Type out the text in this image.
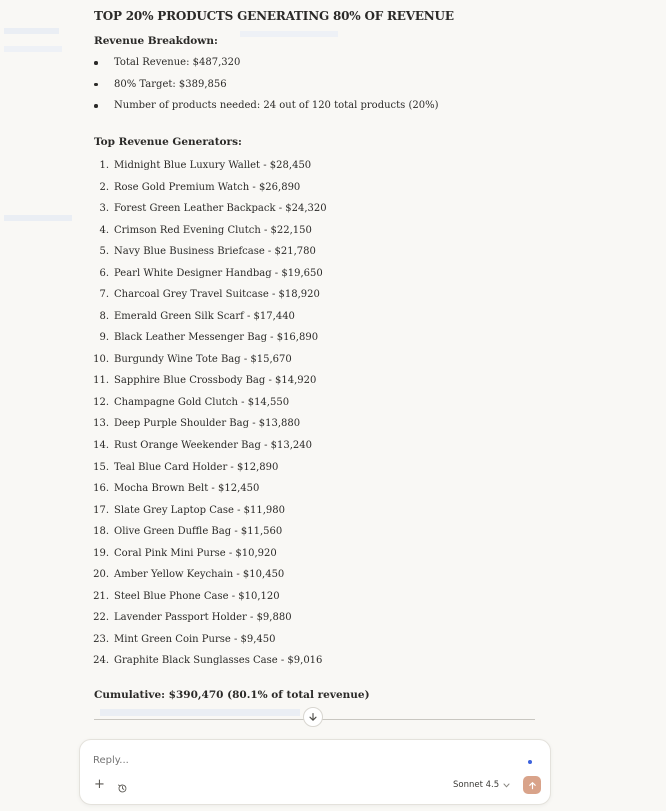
TOP 20% PRODUCTS GENERATING 80% OF REVENUE
Revenue Breakdown:
Total Revenue: $487,320
80% Target: $389,856
Number of products needed: 24 out of 120 total products (20%)
Top Revenue Generators:
1. Midnight Blue Luxury Wallet - $28,450
2. Rose Gold Premium Watch - $26,890
3. Forest Green Leather Backpack - $24,320
4. Crimson Red Evening Clutch - $22,150
5. Navy Blue Business Briefcase - $21,780
6. Pearl White Designer Handbag - $19,650
7. Charcoal Grey Travel Suitcase - $18,920
8. Emerald Green Silk Scarf - $17,440
9. Black Leather Messenger Bag - $16,890
10. Burgundy Wine Tote Bag - $15,670
11. Sapphire Blue Crossbody Bag - $14,920
12. Champagne Gold Clutch - $14,550
13. Deep Purple Shoulder Bag - $13,880
14. Rust Orange Weekender Bag - $13,240
15. Teal Blue Card Holder - $12,890
16. Mocha Brown Belt - $12,450
17. Slate Grey Laptop Case - $11,980
18. Olive Green Duffle Bag - $11,560
19. Coral Pink Mini Purse - $10,920
20. Amber Yellow Keychain - $10,450
21. Steel Blue Phone Case - $10,120
22. Lavender Passport Holder - $9,880
23. Mint Green Coin Purse - $9,450
24. Graphite Black Sunglasses Case - $9,016
Cumulative: $390,470 (80.1% of total revenue)
Reply...
+	Sonnet 4.5
